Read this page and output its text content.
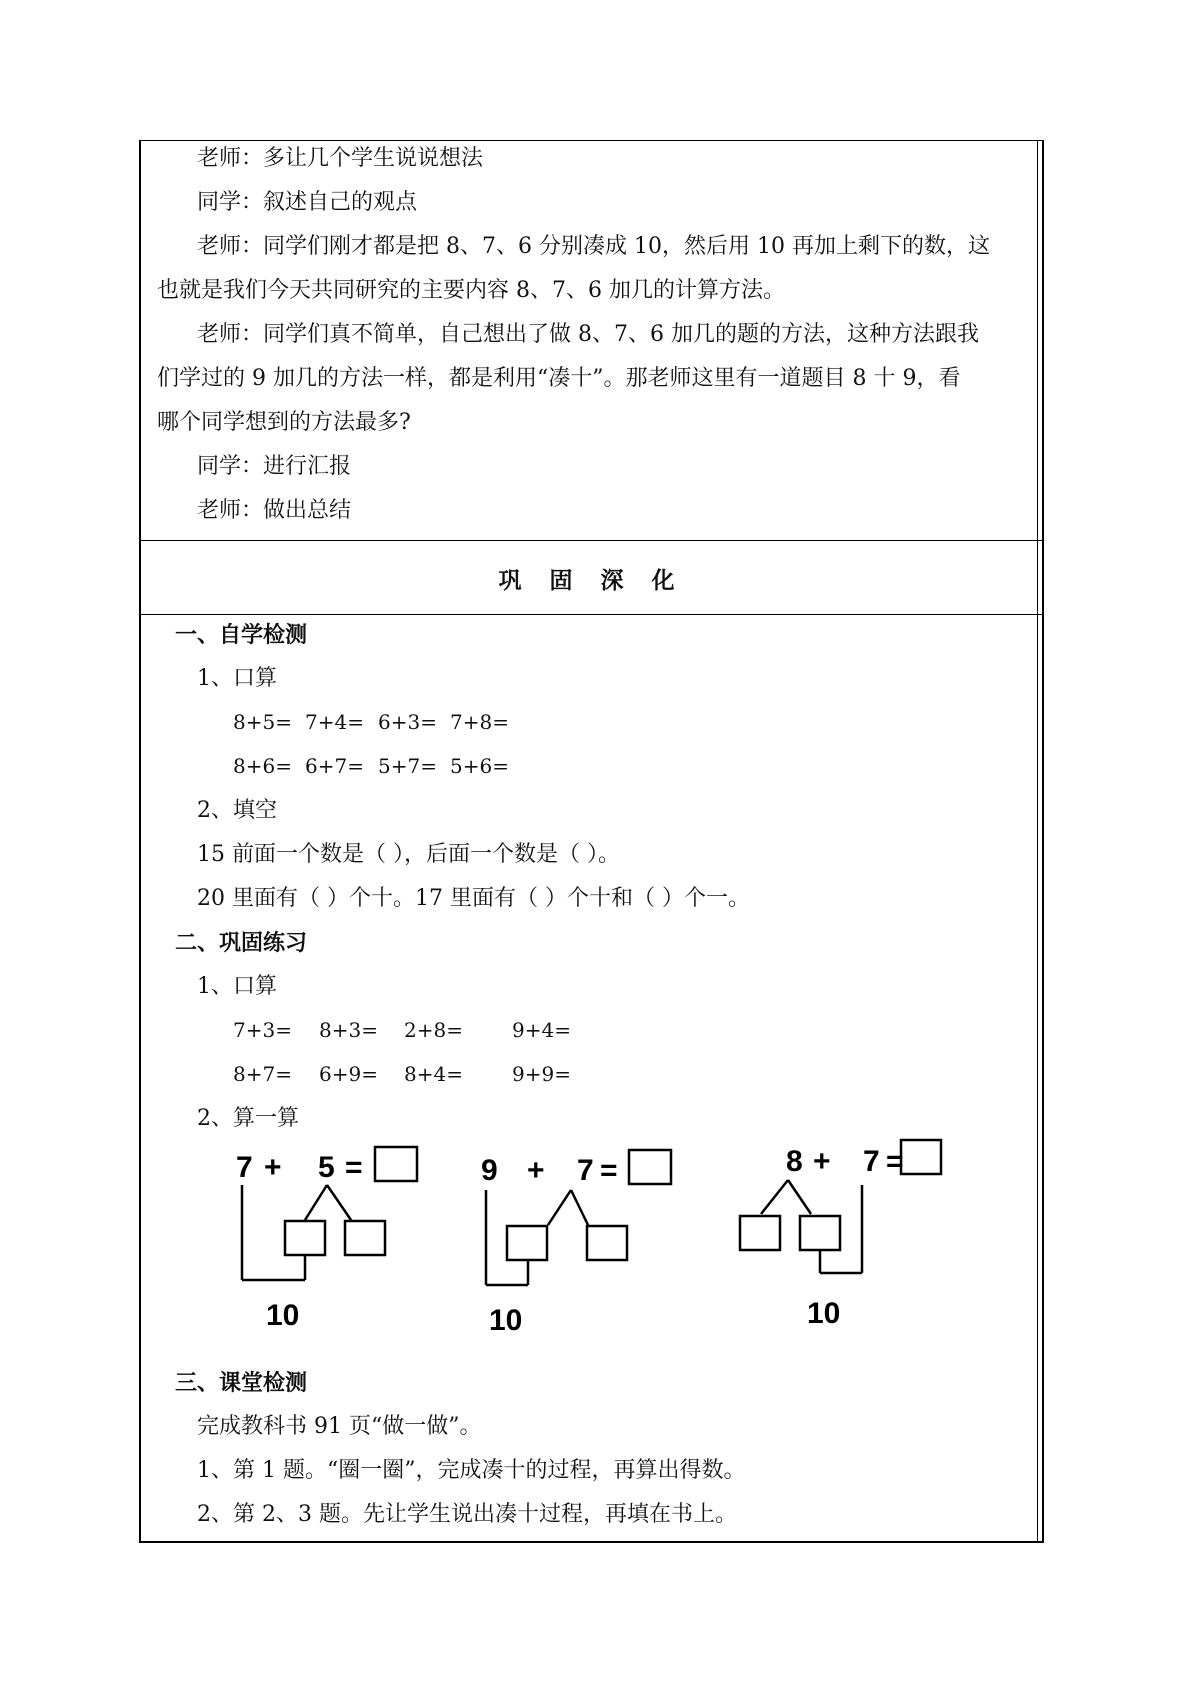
老师：多让几个学生说说想法
同学：叙述自己的观点
老师：同学们刚才都是把 8、7、6 分别凑成 10，然后用 10 再加上剩下的数，这
也就是我们今天共同研究的主要内容 8、7、6 加几的计算方法。
老师：同学们真不简单，自己想出了做 8、7、6 加几的题的方法，这种方法跟我
们学过的 9 加几的方法一样，都是利用“凑十”。那老师这里有一道题目 8 十 9，看
哪个同学想到的方法最多?
同学：进行汇报
老师：做出总结
巩 固 深 化
一、自学检测
1、口算
8+5= 7+4= 6+3= 7+8=
8+6= 6+7= 5+7= 5+6=
2、填空
15 前面一个数是（ ），后面一个数是（ ）。
20 里面有（ ）个十。17 里面有（ ）个十和（ ）个一。
二、巩固练习
1、口算
7+3= 8+3= 2+8= 9+4=
8+7= 6+9= 8+4= 9+9=
2、算一算
7 + 5 =
10
9 + 7 =
10
8 + 7 =
10
三、课堂检测
完成教科书 91 页“做一做”。
1、第 1 题。“圈一圈”，完成凑十的过程，再算出得数。
2、第 2、3 题。先让学生说出凑十过程，再填在书上。
